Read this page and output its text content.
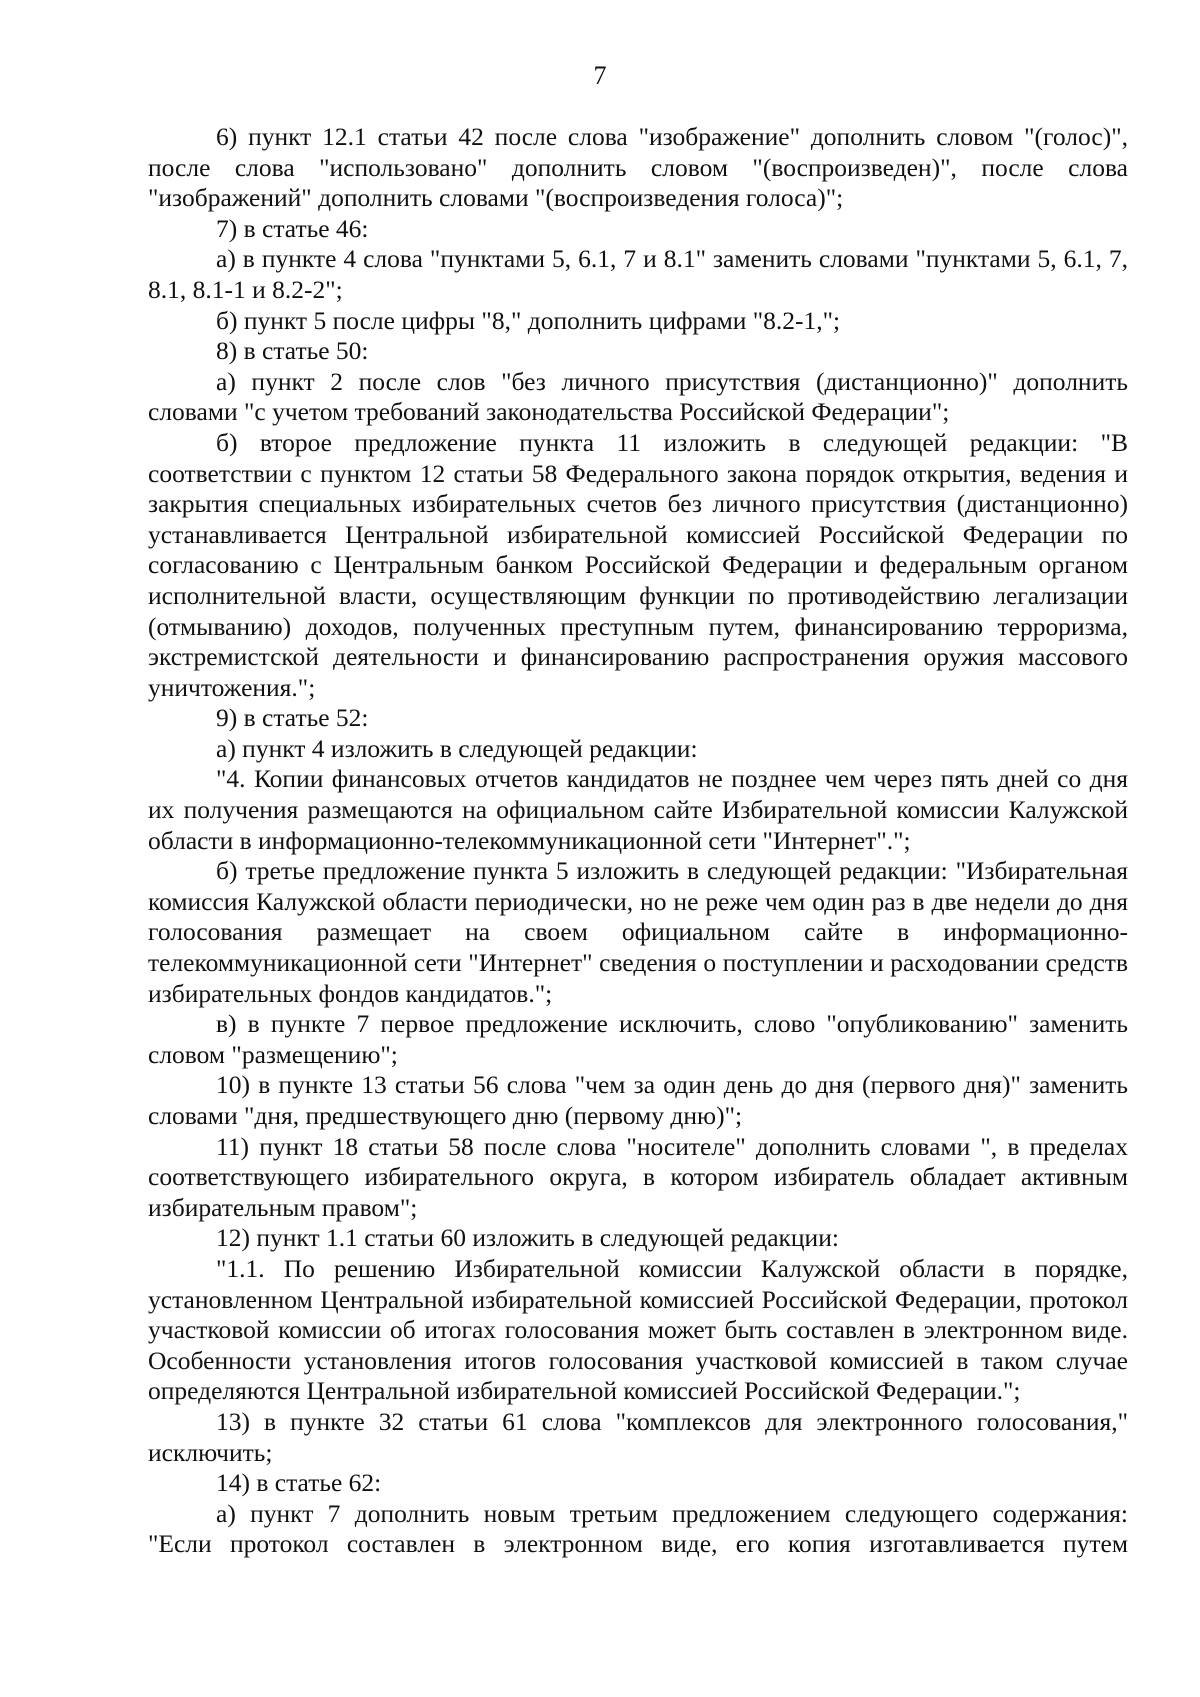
7

6) пункт 12.1 статьи 42 после слова "изображение" дополнить словом "(голос)", после слова "использовано" дополнить словом "(воспроизведен)", после слова "изображений" дополнить словами "(воспроизведения голоса)";

7) в статье 46:

а) в пункте 4 слова "пунктами 5, 6.1, 7 и 8.1" заменить словами "пунктами 5, 6.1, 7, 8.1, 8.1-1 и 8.2-2";

б) пункт 5 после цифры "8," дополнить цифрами "8.2-1,";

8) в статье 50:

а) пункт 2 после слов "без личного присутствия (дистанционно)" дополнить словами "с учетом требований законодательства Российской Федерации";

б) второе предложение пункта 11 изложить в следующей редакции: "В соответствии с пунктом 12 статьи 58 Федерального закона порядок открытия, ведения и закрытия специальных избирательных счетов без личного присутствия (дистанционно) устанавливается Центральной избирательной комиссией Российской Федерации по согласованию с Центральным банком Российской Федерации и федеральным органом исполнительной власти, осуществляющим функции по противодействию легализации (отмыванию) доходов, полученных преступным путем, финансированию терроризма, экстремистской деятельности и финансированию распространения оружия массового уничтожения.";

9) в статье 52:

а) пункт 4 изложить в следующей редакции:

"4. Копии финансовых отчетов кандидатов не позднее чем через пять дней со дня их получения размещаются на официальном сайте Избирательной комиссии Калужской области в информационно-телекоммуникационной сети "Интернет".";

б) третье предложение пункта 5 изложить в следующей редакции: "Избирательная комиссия Калужской области периодически, но не реже чем один раз в две недели до дня голосования размещает на своем официальном сайте в информационно-телекоммуникационной сети "Интернет" сведения о поступлении и расходовании средств избирательных фондов кандидатов.";

в) в пункте 7 первое предложение исключить, слово "опубликованию" заменить словом "размещению";

10) в пункте 13 статьи 56 слова "чем за один день до дня (первого дня)" заменить словами "дня, предшествующего дню (первому дню)";

11) пункт 18 статьи 58 после слова "носителе" дополнить словами ", в пределах соответствующего избирательного округа, в котором избиратель обладает активным избирательным правом";

12) пункт 1.1 статьи 60 изложить в следующей редакции:

"1.1. По решению Избирательной комиссии Калужской области в порядке, установленном Центральной избирательной комиссией Российской Федерации, протокол участковой комиссии об итогах голосования может быть составлен в электронном виде. Особенности установления итогов голосования участковой комиссией в таком случае определяются Центральной избирательной комиссией Российской Федерации.";

13) в пункте 32 статьи 61 слова "комплексов для электронного голосования," исключить;

14) в статье 62:

а) пункт 7 дополнить новым третьим предложением следующего содержания: "Если протокол составлен в электронном виде, его копия изготавливается путем
